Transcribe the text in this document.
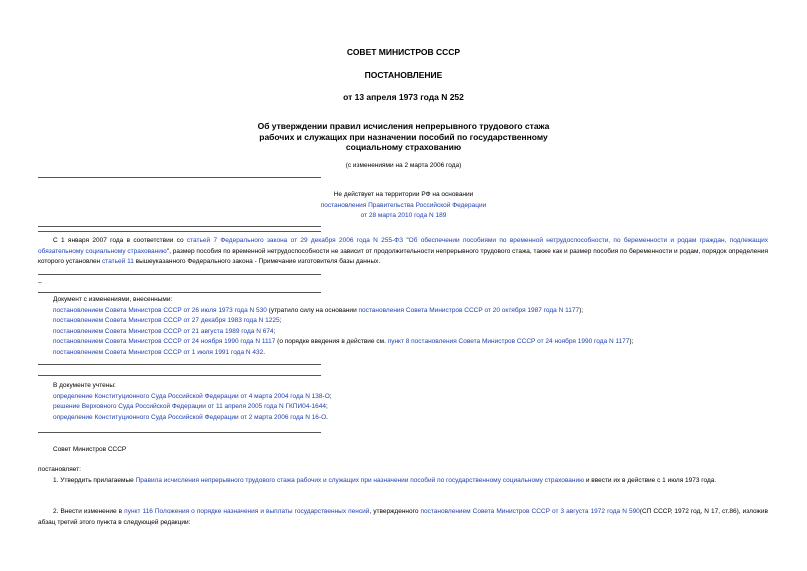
СОВЕТ МИНИСТРОВ СССР
ПОСТАНОВЛЕНИЕ
от 13 апреля 1973 года N 252
Об утверждении правил исчисления непрерывного трудового стажа
рабочих и служащих при назначении пособий по государственному
социальному страхованию
(с изменениями на 2 марта 2006 года)
Не действует на территории РФ на основании
постановления Правительства Российской Федерации
от 28 марта 2010 года N 189
С 1 января 2007 года в соответствии со статьей 7 Федерального закона от 29 декабря 2006 года N 255-ФЗ "Об обеспечении пособиями по временной нетрудоспособности, по беременности и родам граждан, подлежащих обязательному социальному страхованию", размер пособия по временной нетрудоспособности не зависит от продолжительности непрерывного трудового стажа, также как и размер пособия по беременности и родам, порядок определения которого установлен статьей 11 вышеуказанного Федерального закона - Примечание изготовителя базы данных.
–
Документ с изменениями, внесенными:
постановлением Совета Министров СССР от 26 июля 1973 года N 530 (утратило силу на основании постановления Совета Министров СССР от 20 октября 1987 года N 1177);
постановлением Совета Министров СССР от 27 декабря 1983 года N 1225;
постановлением Совета Министров СССР от 21 августа 1989 года N 674;
постановлением Совета Министров СССР от 24 ноября 1990 года N 1117 (о порядке введения в действие см. пункт 8 постановления Совета Министров СССР от 24 ноября 1990 года N 1177);
постановлением Совета Министров СССР от 1 июля 1991 года N 432.
В документе учтены:
определение Конституционного Суда Российской Федерации от 4 марта 2004 года N 138-О;
решение Верховного Суда Российской Федерации от 11 апреля 2005 года N ГКПИ04-1644;
определение Конституционного Суда Российской Федерации от 2 марта 2006 года N 16-О.
Совет Министров СССР
постановляет:
1. Утвердить прилагаемые Правила исчисления непрерывного трудового стажа рабочих и служащих при назначении пособий по государственному социальному страхованию и ввести их в действие с 1 июля 1973 года.
2. Внести изменение в пункт 116 Положения о порядке назначения и выплаты государственных пенсий, утвержденного постановлением Совета Министров СССР от 3 августа 1972 года N 590(СП СССР, 1972 год, N 17, ст.86), изложив абзац третий этого пункта в следующей редакции:
